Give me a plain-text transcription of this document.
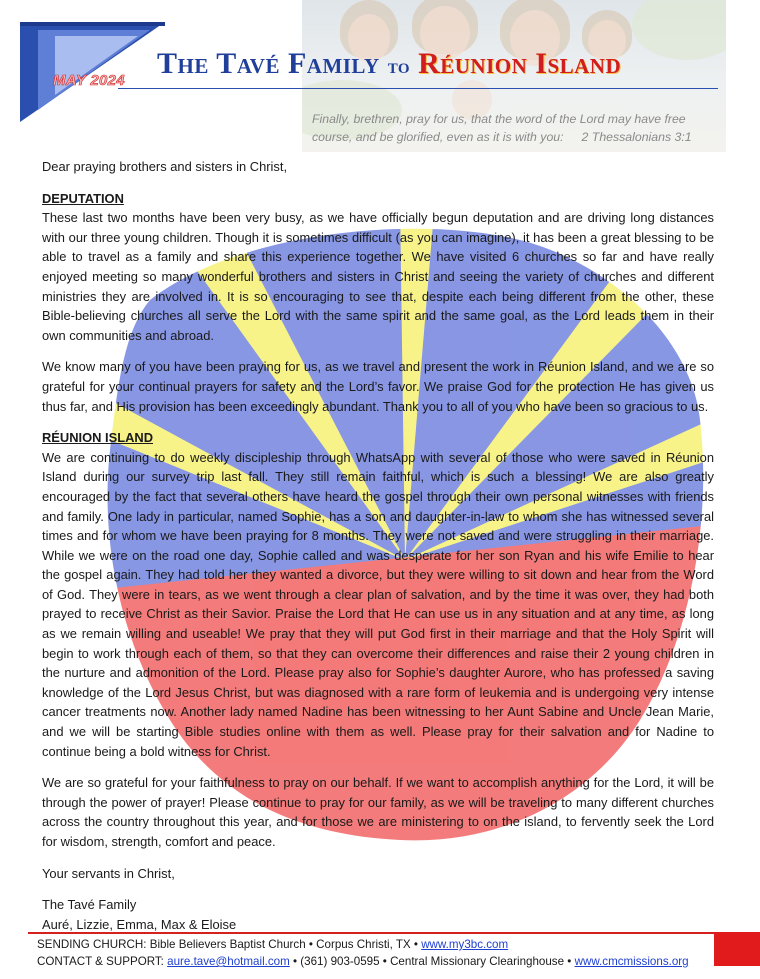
The Tavé Family to Réunion Island
MAY 2024

Finally, brethren, pray for us, that the word of the Lord may have free course, and be glorified, even as it is with you: 2 Thessalonians 3:1

Dear praying brothers and sisters in Christ,

DEPUTATION

These last two months have been very busy, as we have officially begun deputation and are driving long distances with our three young children. Though it is sometimes difficult (as you can imagine), it has been a great blessing to be able to travel as a family and share this experience together. We have visited 6 churches so far and have really enjoyed meeting so many wonderful brothers and sisters in Christ and seeing the variety of churches and different ministries they are involved in. It is so encouraging to see that, despite each being different from the other, these Bible-believing churches all serve the Lord with the same spirit and the same goal, as the Lord leads them in their own communities and abroad.

We know many of you have been praying for us, as we travel and present the work in Réunion Island, and we are so grateful for your continual prayers for safety and the Lord’s favor. We praise God for the protection He has given us thus far, and His provision has been exceedingly abundant. Thank you to all of you who have been so gracious to us.

RÉUNION ISLAND

We are continuing to do weekly discipleship through WhatsApp with several of those who were saved in Réunion Island during our survey trip last fall. They still remain faithful, which is such a blessing! We are also greatly encouraged by the fact that several others have heard the gospel through their own personal witnesses with friends and family. One lady in particular, named Sophie, has a son and daughter-in-law to whom she has witnessed several times and for whom we have been praying for 8 months. They were not saved and were struggling in their marriage. While we were on the road one day, Sophie called and was desperate for her son Ryan and his wife Emilie to hear the gospel again. They had told her they wanted a divorce, but they were willing to sit down and hear from the Word of God. They were in tears, as we went through a clear plan of salvation, and by the time it was over, they had both prayed to receive Christ as their Savior. Praise the Lord that He can use us in any situation and at any time, as long as we remain willing and useable! We pray that they will put God first in their marriage and that the Holy Spirit will begin to work through each of them, so that they can overcome their differences and raise their 2 young children in the nurture and admonition of the Lord. Please pray also for Sophie’s daughter Aurore, who has professed a saving knowledge of the Lord Jesus Christ, but was diagnosed with a rare form of leukemia and is undergoing very intense cancer treatments now. Another lady named Nadine has been witnessing to her Aunt Sabine and Uncle Jean Marie, and we will be starting Bible studies online with them as well. Please pray for their salvation and for Nadine to continue being a bold witness for Christ.

We are so grateful for your faithfulness to pray on our behalf. If we want to accomplish anything for the Lord, it will be through the power of prayer! Please continue to pray for our family, as we will be traveling to many different churches across the country throughout this year, and for those we are ministering to on the island, to fervently seek the Lord for wisdom, strength, comfort and peace.

Your servants in Christ,

The Tavé Family

Auré, Lizzie, Emma, Max & Eloise

SENDING CHURCH: Bible Believers Baptist Church • Corpus Christi, TX • www.my3bc.com
CONTACT & SUPPORT: aure.tave@hotmail.com • (361) 903-0595 • Central Missionary Clearinghouse • www.cmcmissions.org
